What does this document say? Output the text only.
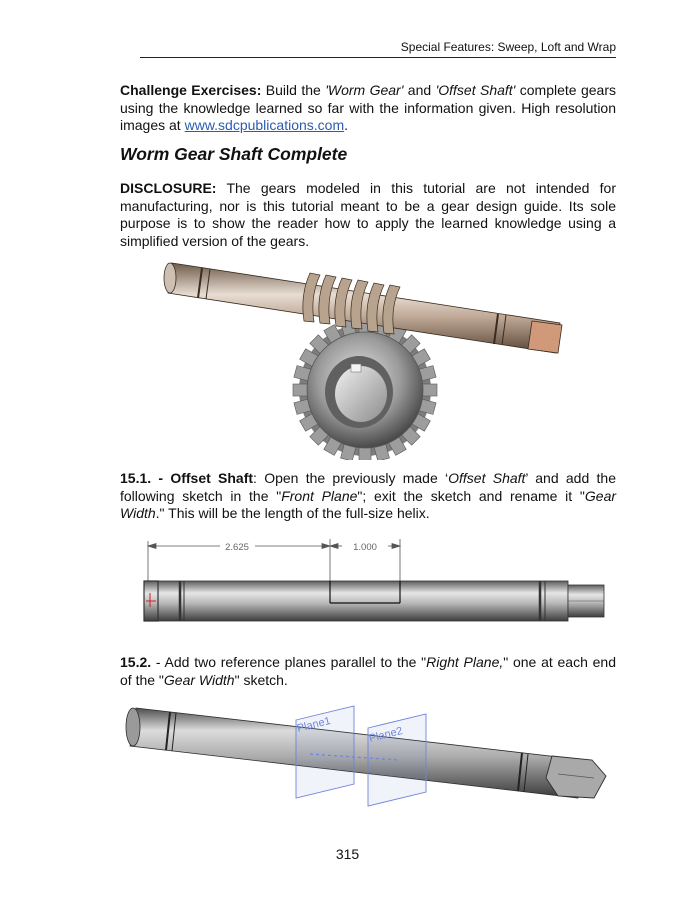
Special Features: Sweep, Loft and Wrap

Challenge Exercises: Build the 'Worm Gear' and 'Offset Shaft' complete gears using the knowledge learned so far with the information given. High resolution images at www.sdcpublications.com.

Worm Gear Shaft Complete

DISCLOSURE: The gears modeled in this tutorial are not intended for manufacturing, nor is this tutorial meant to be a gear design guide. Its sole purpose is to show the reader how to apply the learned knowledge using a simplified version of the gears.

15.1. - Offset Shaft: Open the previously made ‘Offset Shaft’ and add the following sketch in the "Front Plane"; exit the sketch and rename it "Gear Width." This will be the length of the full-size helix.

2.625	1.000

15.2. - Add two reference planes parallel to the "Right Plane," one at each end of the "Gear Width" sketch.

Plane1
Plane2
315
